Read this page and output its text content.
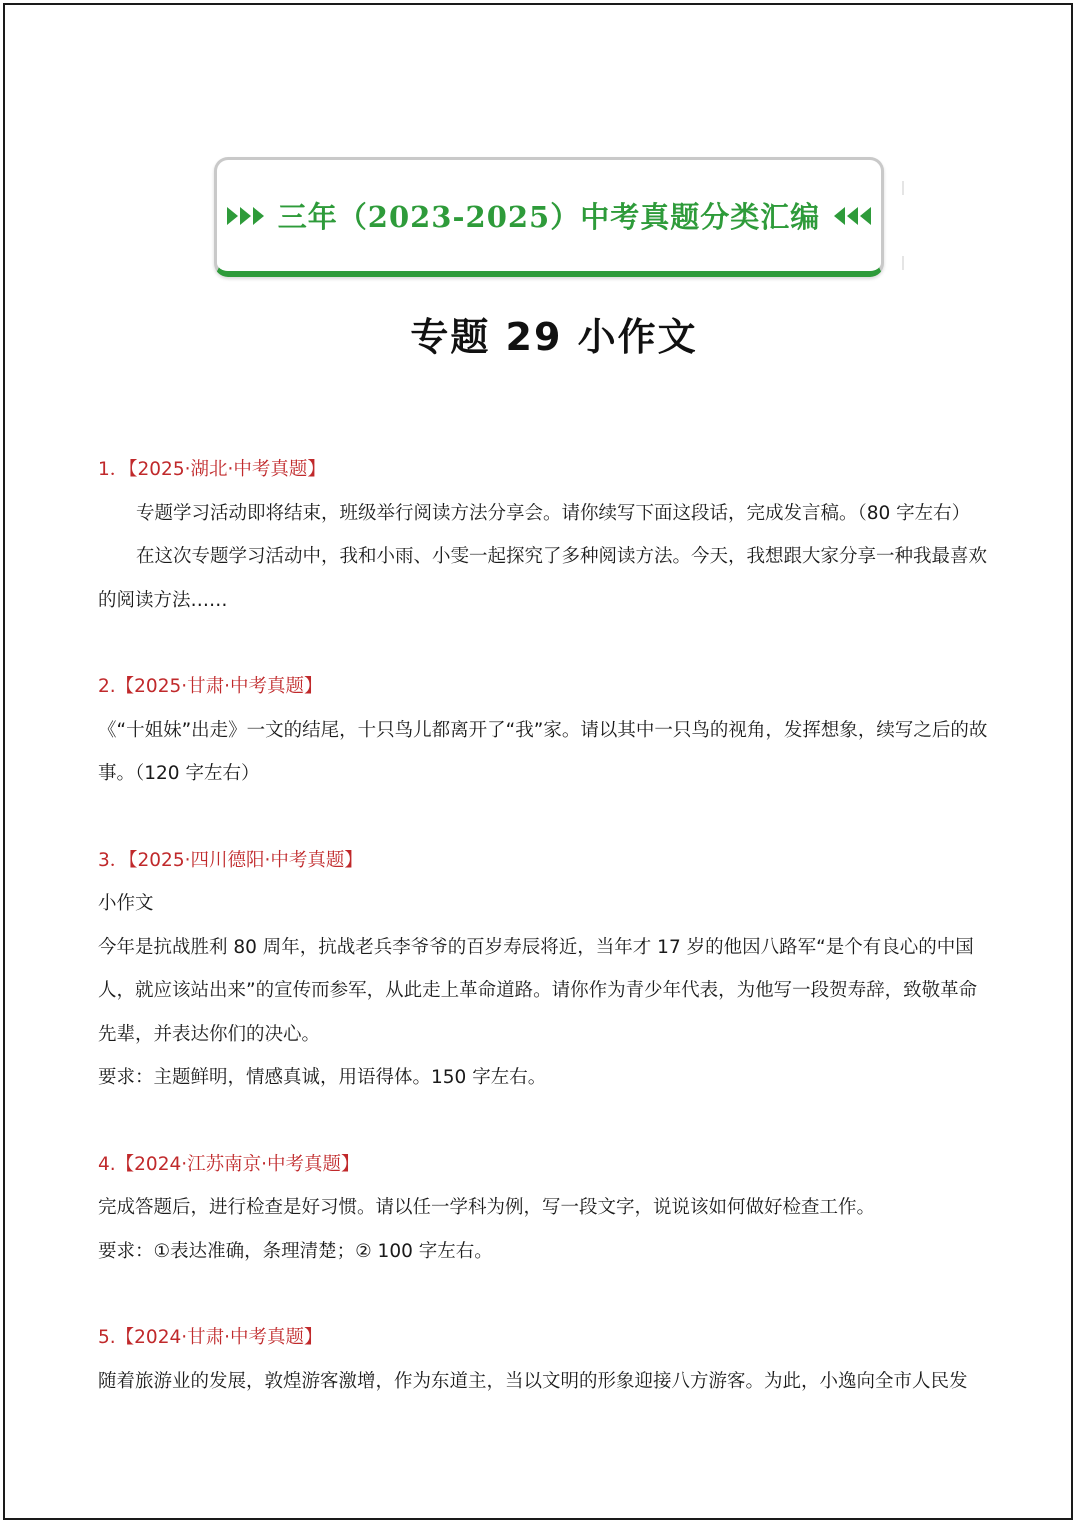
三年（2023-2025）中考真题分类汇编
专题 29 小作文

1．【2025·湖北·中考真题】

专题学习活动即将结束，班级举行阅读方法分享会。请你续写下面这段话，完成发言稿。（80 字左右）

在这次专题学习活动中，我和小雨、小雯一起探究了多种阅读方法。今天，我想跟大家分享一种我最喜欢的阅读方法……

2.【2025·甘肃·中考真题】

《“十姐妹”出走》一文的结尾，十只鸟儿都离开了“我”家。请以其中一只鸟的视角，发挥想象，续写之后的故事。（120 字左右）

3．【2025·四川德阳·中考真题】

小作文

今年是抗战胜利 80 周年，抗战老兵李爷爷的百岁寿辰将近，当年才 17 岁的他因八路军“是个有良心的中国人，就应该站出来”的宣传而参军，从此走上革命道路。请你作为青少年代表，为他写一段贺寿辞，致敬革命先辈，并表达你们的决心。

要求：主题鲜明，情感真诚，用语得体。150 字左右。

4.【2024·江苏南京·中考真题】

完成答题后，进行检查是好习惯。请以任一学科为例，写一段文字，说说该如何做好检查工作。

要求：①表达准确，条理清楚；② 100 字左右。

5.【2024·甘肃·中考真题】

随着旅游业的发展，敦煌游客激增，作为东道主，当以文明的形象迎接八方游客。为此，小逸向全市人民发
